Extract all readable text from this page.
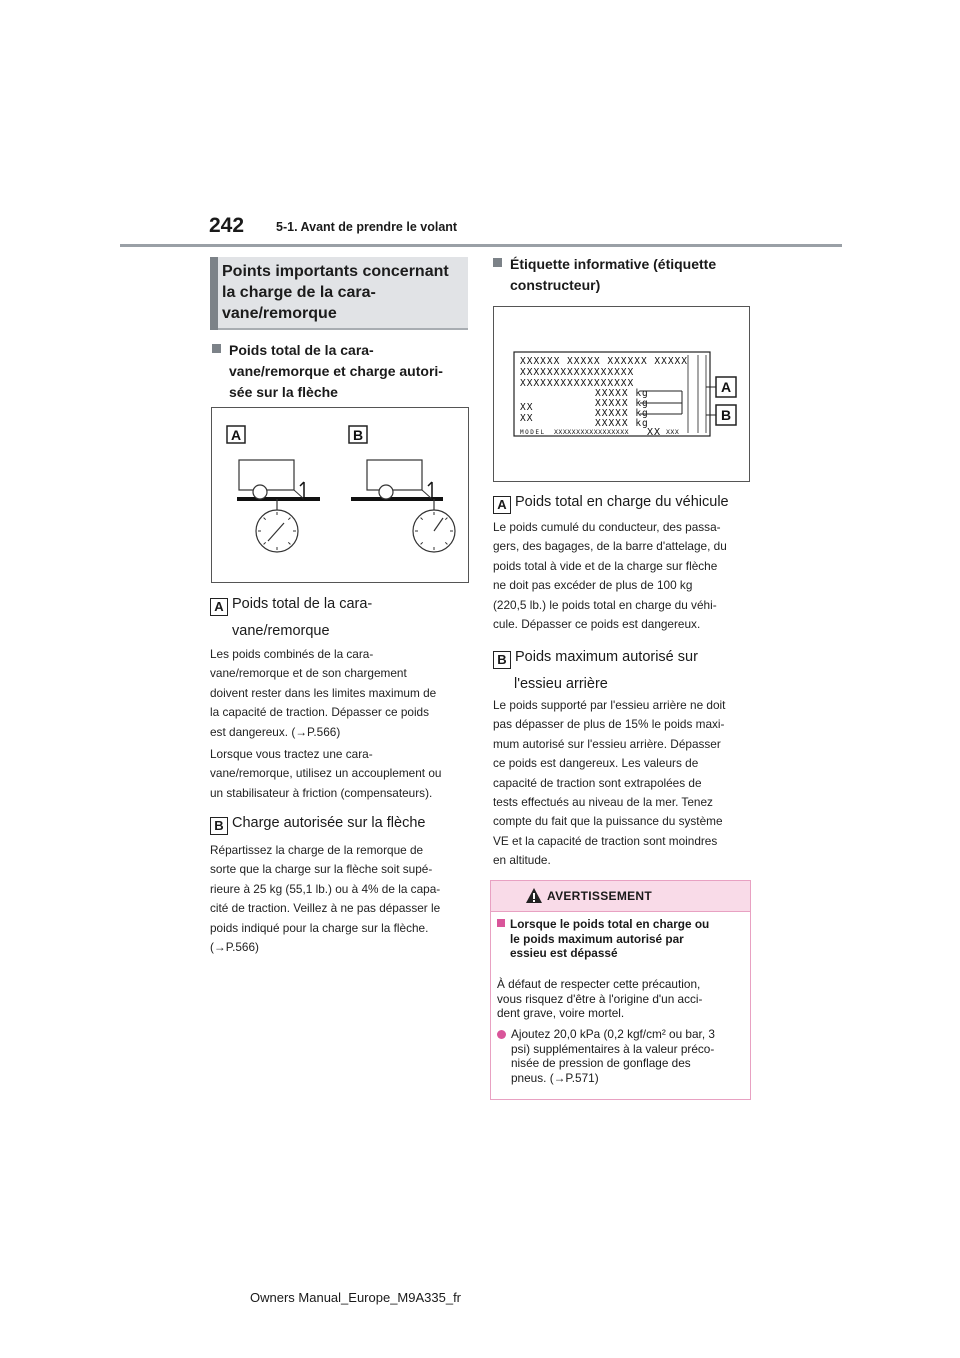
242	5-1. Avant de prendre le volant
Points importants concernant la charge de la cara-vane/remorque
Poids total de la cara-vane/remorque et charge autori-sée sur la flèche
A	B
A Poids total de la cara-
vane/remorque
Les poids combinés de la cara-
vane/remorque et de son chargement
doivent rester dans les limites maximum de
la capacité de traction. Dépasser ce poids
est dangereux. (→P.566)
Lorsque vous tractez une cara-
vane/remorque, utilisez un accouplement ou
un stabilisateur à friction (compensateurs).
B Charge autorisée sur la flèche
Répartissez la charge de la remorque de
sorte que la charge sur la flèche soit supé-
rieure à 25 kg (55,1 lb.) ou à 4% de la capa-
cité de traction. Veillez à ne pas dépasser le
poids indiqué pour la charge sur la flèche.
(→P.566)
Étiquette informative (étiquette
constructeur)
XXXXXX XXXXX XXXXXX XXXXX
XXXXXXXXXXXXXXXXX
XXXXXXXXXXXXXXXXX
XXXXX kg
XXXXX kg
XXXXX kg
XXXXX kg
XX
XX
MODEL XXXXXXXXXXXXXXXXX XX XXX
A
B
A Poids total en charge du véhicule
Le poids cumulé du conducteur, des passa-
gers, des bagages, de la barre d'attelage, du
poids total à vide et de la charge sur flèche
ne doit pas excéder de plus de 100 kg
(220,5 lb.) le poids total en charge du véhi-
cule. Dépasser ce poids est dangereux.
B Poids maximum autorisé sur
l'essieu arrière
Le poids supporté par l'essieu arrière ne doit
pas dépasser de plus de 15% le poids maxi-
mum autorisé sur l'essieu arrière. Dépasser
ce poids est dangereux. Les valeurs de
capacité de traction sont extrapolées de
tests effectués au niveau de la mer. Tenez
compte du fait que la puissance du système
VE et la capacité de traction sont moindres
en altitude.
AVERTISSEMENT
Lorsque le poids total en charge ou
le poids maximum autorisé par
essieu est dépassé
À défaut de respecter cette précaution,
vous risquez d'être à l'origine d'un acci-
dent grave, voire mortel.
Ajoutez 20,0 kPa (0,2 kgf/cm² ou bar, 3
psi) supplémentaires à la valeur préco-
nisée de pression de gonflage des
pneus. (→P.571)
Owners Manual_Europe_M9A335_fr
